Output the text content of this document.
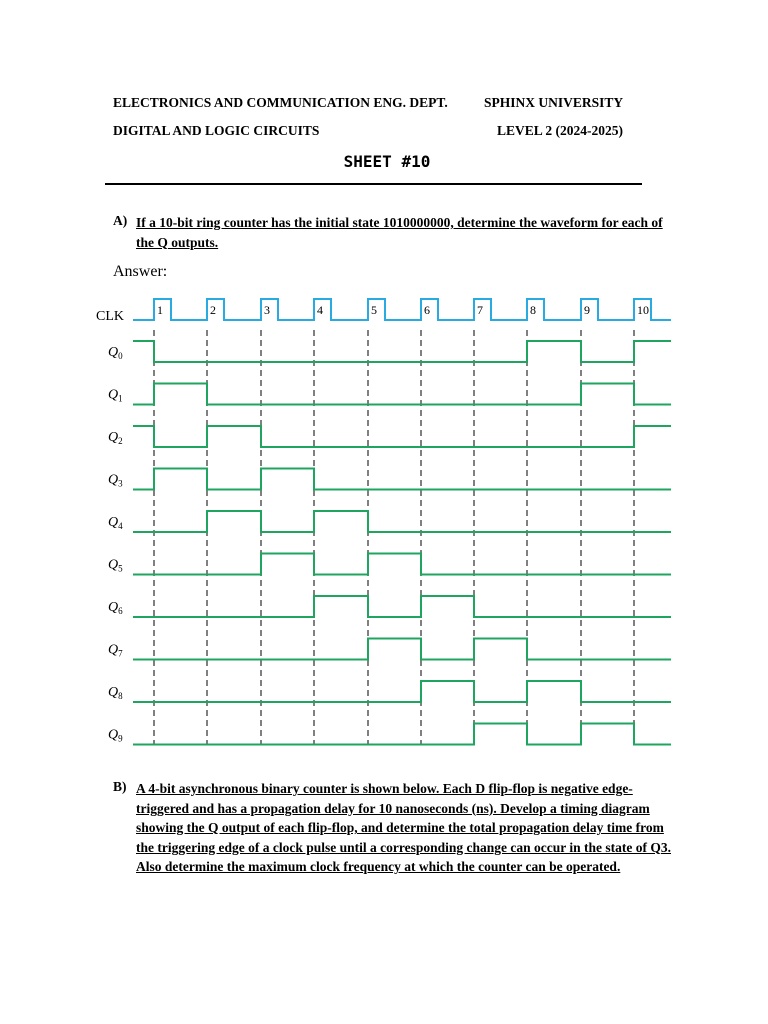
ELECTRONICS AND COMMUNICATION ENG. DEPT.	SPHINX UNIVERSITY
DIGITAL AND LOGIC CIRCUITS	LEVEL 2 (2024-2025)
SHEET #10
A) If a 10-bit ring counter has the initial state 1010000000, determine the waveform for each of the Q outputs.
Answer:
CLK	1	2	3	4	5	6	7	8	9	10
$Q_0$
$Q_1$
$Q_2$
$Q_3$
$Q_4$
$Q_5$
$Q_6$
$Q_7$
$Q_8$
$Q_9$
B) A 4-bit asynchronous binary counter is shown below. Each D flip-flop is negative edge-triggered and has a propagation delay for 10 nanoseconds (ns). Develop a timing diagram showing the Q output of each flip-flop, and determine the total propagation delay time from the triggering edge of a clock pulse until a corresponding change can occur in the state of Q3. Also determine the maximum clock frequency at which the counter can be operated.
